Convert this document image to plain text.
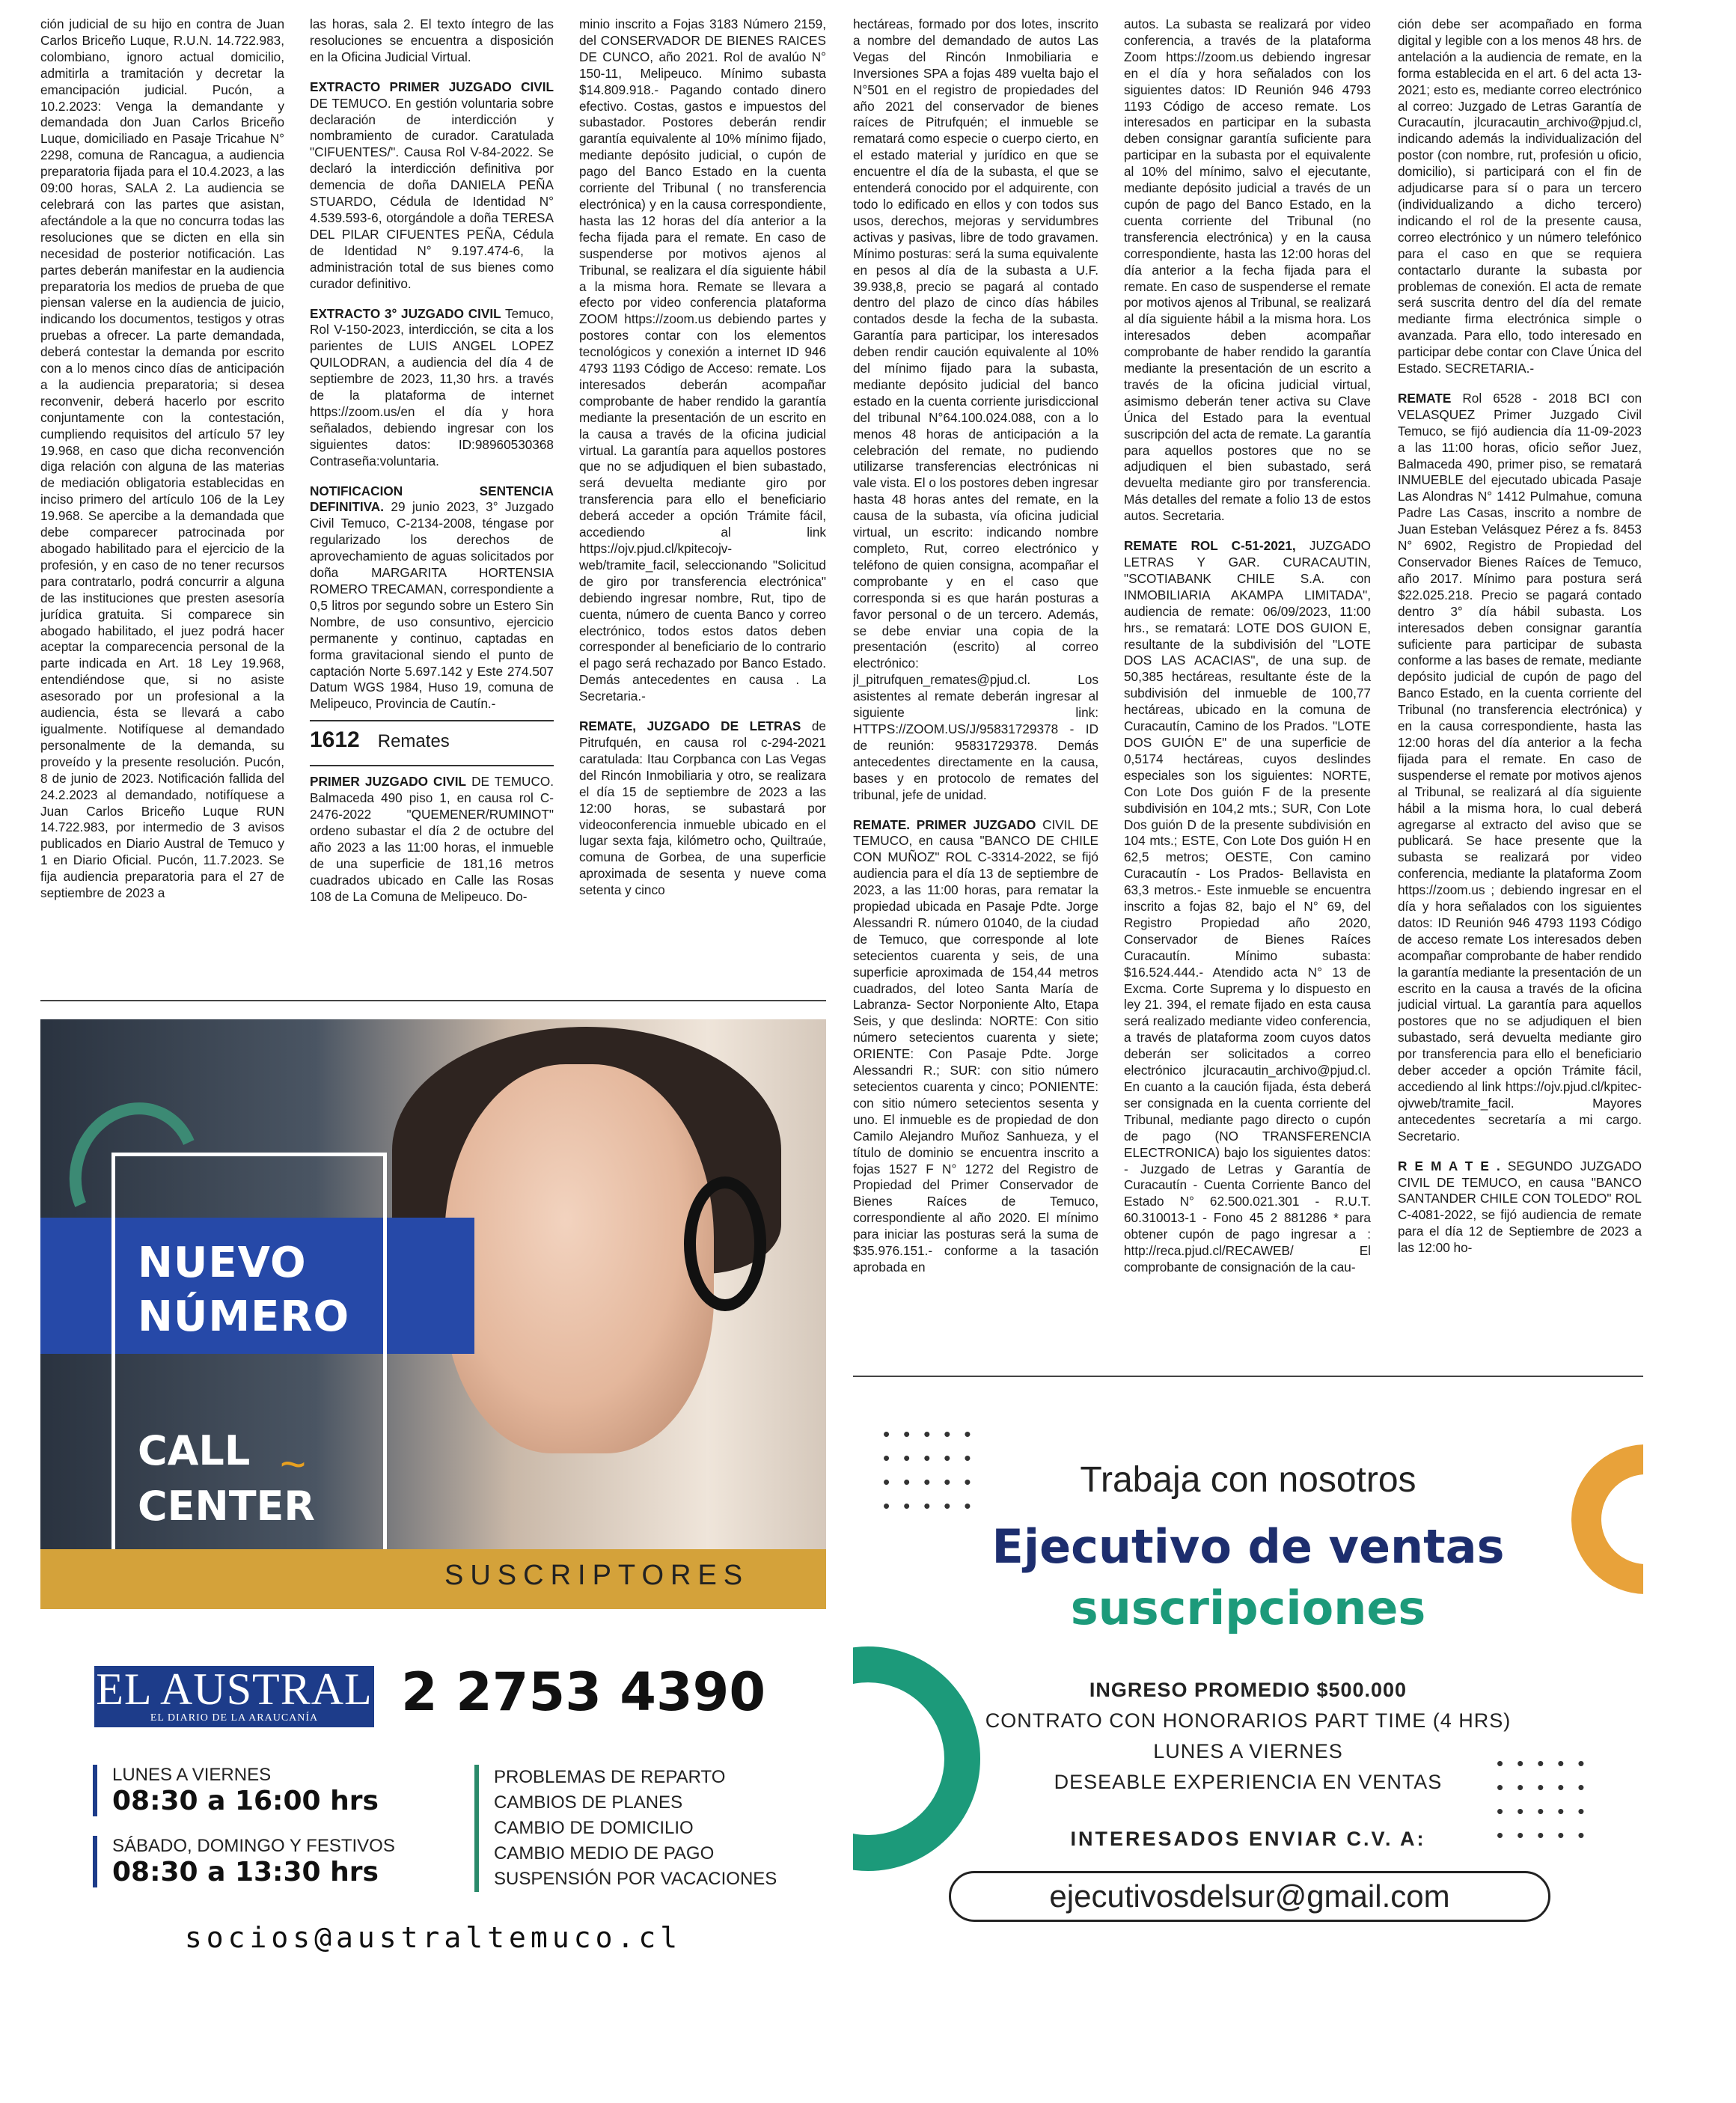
ción judicial de su hijo en contra de Juan Carlos Briceño Luque, R.U.N. 14.722.983, colombiano, ignoro actual domicilio, admitirla a tramitación y decretar la emancipación judicial. Pucón, a 10.2.2023: Venga la demandante y demandada don Juan Carlos Briceño Luque, domiciliado en Pasaje Tricahue N° 2298, comuna de Rancagua, a audiencia preparatoria fijada para el 10.4.2023, a las 09:00 horas, SALA 2. La audiencia se celebrará con las partes que asistan, afectándole a la que no concurra todas las resoluciones que se dicten en ella sin necesidad de posterior notificación. Las partes deberán manifestar en la audiencia preparatoria los medios de prueba de que piensan valerse en la audiencia de juicio, indicando los documentos, testigos y otras pruebas a ofrecer. La parte demandada, deberá contestar la demanda por escrito con a lo menos cinco días de anticipación a la audiencia preparatoria; si desea reconvenir, deberá hacerlo por escrito conjuntamente con la contestación, cumpliendo requisitos del artículo 57 ley 19.968, en caso que dicha reconvención diga relación con alguna de las materias de mediación obligatoria establecidas en inciso primero del artículo 106 de la Ley 19.968. Se apercibe a la demandada que debe comparecer patrocinada por abogado habilitado para el ejercicio de la profesión, y en caso de no tener recursos para contratarlo, podrá concurrir a alguna de las instituciones que presten asesoría jurídica gratuita. Si comparece sin abogado habilitado, el juez podrá hacer aceptar la comparecencia personal de la parte indicada en Art. 18 Ley 19.968, entendiéndose que, si no asiste asesorado por un profesional a la audiencia, ésta se llevará a cabo igualmente. Notifíquese al demandado personalmente de la demanda, su proveído y la presente resolución. Pucón, 8 de junio de 2023. Notificación fallida del 24.2.2023 al demandado, notifíquese a Juan Carlos Briceño Luque RUN 14.722.983, por intermedio de 3 avisos publicados en Diario Austral de Temuco y 1 en Diario Oficial. Pucón, 11.7.2023. Se fija audiencia preparatoria para el 27 de septiembre de 2023 a

las horas, sala 2. El texto íntegro de las resoluciones se encuentra a disposición en la Oficina Judicial Virtual.

EXTRACTO PRIMER JUZGADO CIVIL DE TEMUCO. En gestión voluntaria sobre declaración de interdicción y nombramiento de curador. Caratulada "CIFUENTES/". Causa Rol V-84-2022. Se declaró la interdicción definitiva por demencia de doña DANIELA PEÑA STUARDO, Cédula de Identidad N° 4.539.593-6, otorgándole a doña TERESA DEL PILAR CIFUENTES PEÑA, Cédula de Identidad N° 9.197.474-6, la administración total de sus bienes como curador definitivo.

EXTRACTO 3° JUZGADO CIVIL Temuco, Rol V-150-2023, interdicción, se cita a los parientes de LUIS ANGEL LOPEZ QUILODRAN, a audiencia del día 4 de septiembre de 2023, 11,30 hrs. a través de la plataforma de internet https://zoom.us/en el día y hora señalados, debiendo ingresar con los siguientes datos: ID:98960530368 Contraseña:voluntaria.

NOTIFICACION SENTENCIA DEFINITIVA. 29 junio 2023, 3° Juzgado Civil Temuco, C-2134-2008, téngase por regularizado los derechos de aprovechamiento de aguas solicitados por doña MARGARITA HORTENSIA ROMERO TRECAMAN, correspondiente a 0,5 litros por segundo sobre un Estero Sin Nombre, de uso consuntivo, ejercicio permanente y continuo, captadas en forma gravitacional siendo el punto de captación Norte 5.697.142 y Este 274.507 Datum WGS 1984, Huso 19, comuna de Melipeuco, Provincia de Cautín.-

1612 Remates

PRIMER JUZGADO CIVIL DE TEMUCO. Balmaceda 490 piso 1, en causa rol C-2476-2022 "QUEMENER/RUMINOT" ordeno subastar el día 2 de octubre del año 2023 a las 11:00 horas, el inmueble de una superficie de 181,16 metros cuadrados ubicado en Calle las Rosas 108 de La Comuna de Melipeuco. Do-

minio inscrito a Fojas 3183 Número 2159, del CONSERVADOR DE BIENES RAICES DE CUNCO, año 2021. Rol de avalúo N° 150-11, Melipeuco. Mínimo subasta $14.809.918.- Pagando contado dinero efectivo. Costas, gastos e impuestos del subastador. Postores deberán rendir garantía equivalente al 10% mínimo fijado, mediante depósito judicial, o cupón de pago del Banco Estado en la cuenta corriente del Tribunal ( no transferencia electrónica) y en la causa correspondiente, hasta las 12 horas del día anterior a la fecha fijada para el remate. En caso de suspenderse por motivos ajenos al Tribunal, se realizara el día siguiente hábil a la misma hora. Remate se llevara a efecto por video conferencia plataforma ZOOM https://zoom.us debiendo partes y postores contar con los elementos tecnológicos y conexión a internet ID 946 4793 1193 Código de Acceso: remate. Los interesados deberán acompañar comprobante de haber rendido la garantía mediante la presentación de un escrito en la causa a través de la oficina judicial virtual. La garantía para aquellos postores que no se adjudiquen el bien subastado, será devuelta mediante giro por transferencia para ello el beneficiario deberá acceder a opción Trámite fácil, accediendo al link https://ojv.pjud.cl/kpitecojv- web/tramite_facil, seleccionando "Solicitud de giro por transferencia electrónica" debiendo ingresar nombre, Rut, tipo de cuenta, número de cuenta Banco y correo electrónico, todos estos datos deben corresponder al beneficiario de lo contrario el pago será rechazado por Banco Estado. Demás antecedentes en causa . La Secretaria.-

REMATE, JUZGADO DE LETRAS de Pitrufquén, en causa rol c-294-2021 caratulada: Itau Corpbanca con Las Vegas del Rincón Inmobiliaria y otro, se realizara el día 15 de septiembre de 2023 a las 12:00 horas, se subastará por videoconferencia inmueble ubicado en el lugar sexta faja, kilómetro ocho, Quiltraúe, comuna de Gorbea, de una superficie aproximada de sesenta y nueve coma setenta y cinco

hectáreas, formado por dos lotes, inscrito a nombre del demandado de autos Las Vegas del Rincón Inmobiliaria e Inversiones SPA a fojas 489 vuelta bajo el N°501 en el registro de propiedades del año 2021 del conservador de bienes raíces de Pitrufquén; el inmueble se rematará como especie o cuerpo cierto, en el estado material y jurídico en que se encuentre el día de la subasta, el que se entenderá conocido por el adquirente, con todo lo edificado en ellos y con todos sus usos, derechos, mejoras y servidumbres activas y pasivas, libre de todo gravamen. Mínimo posturas: será la suma equivalente en pesos al día de la subasta a U.F. 39.938,8, precio se pagará al contado dentro del plazo de cinco días hábiles contados desde la fecha de la subasta. Garantía para participar, los interesados deben rendir caución equivalente al 10% del mínimo fijado para la subasta, mediante depósito judicial del banco estado en la cuenta corriente jurisdiccional del tribunal N°64.100.024.088, con a lo menos 48 horas de anticipación a la celebración del remate, no pudiendo utilizarse transferencias electrónicas ni vale vista. El o los postores deben ingresar hasta 48 horas antes del remate, en la causa de la subasta, vía oficina judicial virtual, un escrito: indicando nombre completo, Rut, correo electrónico y teléfono de quien consigna, acompañar el comprobante y en el caso que corresponda si es que harán posturas a favor personal o de un tercero. Además, se debe enviar una copia de la presentación (escrito) al correo electrónico: jl_pitrufquen_remates@pjud.cl. Los asistentes al remate deberán ingresar al siguiente link: HTTPS://ZOOM.US/J/95831729378 - ID de reunión: 95831729378. Demás antecedentes directamente en la causa, bases y en protocolo de remates del tribunal, jefe de unidad.

REMATE. PRIMER JUZGADO CIVIL DE TEMUCO, en causa "BANCO DE CHILE CON MUÑOZ" ROL C-3314-2022, se fijó audiencia para el día 13 de septiembre de 2023, a las 11:00 horas, para rematar la propiedad ubicada en Pasaje Pdte. Jorge Alessandri R. número 01040, de la ciudad de Temuco, que corresponde al lote setecientos cuarenta y seis, de una superficie aproximada de 154,44 metros cuadrados, del loteo Santa María de Labranza- Sector Norponiente Alto, Etapa Seis, y que deslinda: NORTE: Con sitio número setecientos cuarenta y siete; ORIENTE: Con Pasaje Pdte. Jorge Alessandri R.; SUR: con sitio número setecientos cuarenta y cinco; PONIENTE: con sitio número setecientos sesenta y uno. El inmueble es de propiedad de don Camilo Alejandro Muñoz Sanhueza, y el título de dominio se encuentra inscrito a fojas 1527 F N° 1272 del Registro de Propiedad del Primer Conservador de Bienes Raíces de Temuco, correspondiente al año 2020. El mínimo para iniciar las posturas será la suma de $35.976.151.- conforme a la tasación aprobada en

autos. La subasta se realizará por video conferencia, a través de la plataforma Zoom https://zoom.us debiendo ingresar en el día y hora señalados con los siguientes datos: ID Reunión 946 4793 1193 Código de acceso remate. Los interesados en participar en la subasta deben consignar garantía suficiente para participar en la subasta por el equivalente al 10% del mínimo, salvo el ejecutante, mediante depósito judicial a través de un cupón de pago del Banco Estado, en la cuenta corriente del Tribunal (no transferencia electrónica) y en la causa correspondiente, hasta las 12:00 horas del día anterior a la fecha fijada para el remate. En caso de suspenderse el remate por motivos ajenos al Tribunal, se realizará al día siguiente hábil a la misma hora. Los interesados deben acompañar comprobante de haber rendido la garantía mediante la presentación de un escrito a través de la oficina judicial virtual, asimismo deberán tener activa su Clave Única del Estado para la eventual suscripción del acta de remate. La garantía para aquellos postores que no se adjudiquen el bien subastado, será devuelta mediante giro por transferencia. Más detalles del remate a folio 13 de estos autos. Secretaria.

REMATE ROL C-51-2021, JUZGADO LETRAS Y GAR. CURACAUTIN, "SCOTIABANK CHILE S.A. con INMOBILIARIA AKAMPA LIMITADA", audiencia de remate: 06/09/2023, 11:00 hrs., se rematará: LOTE DOS GUION E, resultante de la subdivisión del "LOTE DOS LAS ACACIAS", de una sup. de 50,385 hectáreas, resultante éste de la subdivisión del inmueble de 100,77 hectáreas, ubicado en la comuna de Curacautín, Camino de los Prados. "LOTE DOS GUIÓN E" de una superficie de 0,5174 hectáreas, cuyos deslindes especiales son los siguientes: NORTE, Con Lote Dos guión F de la presente subdivisión en 104,2 mts.; SUR, Con Lote Dos guión D de la presente subdivisión en 104 mts.; ESTE, Con Lote Dos guión H en 62,5 metros; OESTE, Con camino Curacautín - Los Prados- Bellavista en 63,3 metros.- Este inmueble se encuentra inscrito a fojas 82, bajo el N° 69, del Registro Propiedad año 2020, Conservador de Bienes Raíces Curacautín. Mínimo subasta: $16.524.444.- Atendido acta N° 13 de Excma. Corte Suprema y lo dispuesto en ley 21. 394, el remate fijado en esta causa será realizado mediante video conferencia, a través de plataforma zoom cuyos datos deberán ser solicitados a correo electrónico jlcuracautin_archivo@pjud.cl. En cuanto a la caución fijada, ésta deberá ser consignada en la cuenta corriente del Tribunal, mediante pago directo o cupón de pago (NO TRANSFERENCIA ELECTRONICA) bajo los siguientes datos: - Juzgado de Letras y Garantía de Curacautín - Cuenta Corriente Banco del Estado N° 62.500.021.301 - R.U.T. 60.310013-1 - Fono 45 2 881286 * para obtener cupón de pago ingresar a : http://reca.pjud.cl/RECAWEB/ El comprobante de consignación de la cau-

ción debe ser acompañado en forma digital y legible con a los menos 48 hrs. de antelación a la audiencia de remate, en la forma establecida en el art. 6 del acta 13-2021; esto es, mediante correo electrónico al correo: Juzgado de Letras Garantía de Curacautín, jlcuracautin_archivo@pjud.cl, indicando además la individualización del postor (con nombre, rut, profesión u oficio, domicilio), si participará con el fin de adjudicarse para sí o para un tercero (individualizando a dicho tercero) indicando el rol de la presente causa, correo electrónico y un número telefónico para el caso en que se requiera contactarlo durante la subasta por problemas de conexión. El acta de remate será suscrita dentro del día del remate mediante firma electrónica simple o avanzada. Para ello, todo interesado en participar debe contar con Clave Única del Estado. SECRETARIA.-

REMATE Rol 6528 - 2018 BCI con VELASQUEZ Primer Juzgado Civil Temuco, se fijó audiencia día 11-09-2023 a las 11:00 horas, oficio señor Juez, Balmaceda 490, primer piso, se rematará INMUEBLE del ejecutado ubicada Pasaje Las Alondras N° 1412 Pulmahue, comuna Padre Las Casas, inscrito a nombre de Juan Esteban Velásquez Pérez a fs. 8453 N° 6902, Registro de Propiedad del Conservador Bienes Raíces de Temuco, año 2017. Mínimo para postura será $22.025.218. Precio se pagará contado dentro 3° día hábil subasta. Los interesados deben consignar garantía suficiente para participar de subasta conforme a las bases de remate, mediante depósito judicial de cupón de pago del Banco Estado, en la cuenta corriente del Tribunal (no transferencia electrónica) y en la causa correspondiente, hasta las 12:00 horas del día anterior a la fecha fijada para el remate. En caso de suspenderse el remate por motivos ajenos al Tribunal, se realizará al día siguiente hábil a la misma hora, lo cual deberá agregarse al extracto del aviso que se publicará. Se hace presente que la subasta se realizará por video conferencia, mediante la plataforma Zoom https://zoom.us ; debiendo ingresar en el día y hora señalados con los siguientes datos: ID Reunión 946 4793 1193 Código de acceso remate Los interesados deben acompañar comprobante de haber rendido la garantía mediante la presentación de un escrito en la causa a través de la oficina judicial virtual. La garantía para aquellos postores que no se adjudiquen el bien subastado, será devuelta mediante giro por transferencia para ello el beneficiario deber acceder a opción Trámite fácil, accediendo al link https://ojv.pjud.cl/kpitec-ojvweb/tramite_facil. Mayores antecedentes secretaría a mi cargo. Secretario.

R E M A T E . SEGUNDO JUZGADO CIVIL DE TEMUCO, en causa "BANCO SANTANDER CHILE CON TOLEDO" ROL C-4081-2022, se fijó audiencia de remate para el día 12 de Septiembre de 2023 a las 12:00 ho-

NUEVO
NÚMERO
CALL
CENTER
~
SUSCRIPTORES
EL AUSTRAL
EL DIARIO DE LA ARAUCANÍA	2 2753 4390
LUNES A VIERNES
08:30 a 16:00 hrs
SÁBADO, DOMINGO Y FESTIVOS
08:30 a 13:30 hrs
PROBLEMAS DE REPARTO
CAMBIOS DE PLANES
CAMBIO DE DOMICILIO
CAMBIO MEDIO DE PAGO
SUSPENSIÓN POR VACACIONES
socios@australtemuco.cl
•••••
•••••
•••••
•••••
•••••
•••••
•••••
•••••
Trabaja con nosotros
Ejecutivo de ventas
suscripciones
INGRESO PROMEDIO $500.000
CONTRATO CON HONORARIOS PART TIME (4 HRS)
LUNES A VIERNES
DESEABLE EXPERIENCIA EN VENTAS
INTERESADOS ENVIAR C.V. A:
ejecutivosdelsur@gmail.com
